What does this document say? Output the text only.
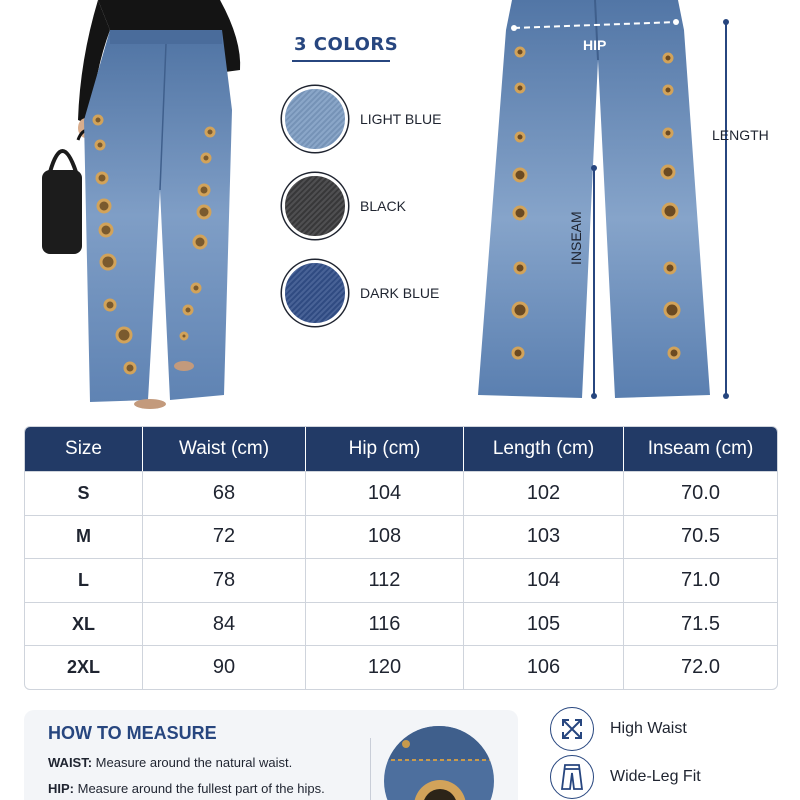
3 COLORS
LIGHT BLUE
BLACK
DARK BLUE
HIP
LENGTH
INSEAM
Size	Waist (cm)	Hip (cm)	Length (cm)	Inseam (cm)
S	68	104	102	70.0
M	72	108	103	70.5
L	78	112	104	71.0
XL	84	116	105	71.5
2XL	90	120	106	72.0
HOW TO MEASURE
WAIST: Measure around the natural waist.
HIP: Measure around the fullest part of the hips.
High Waist
Wide-Leg Fit
